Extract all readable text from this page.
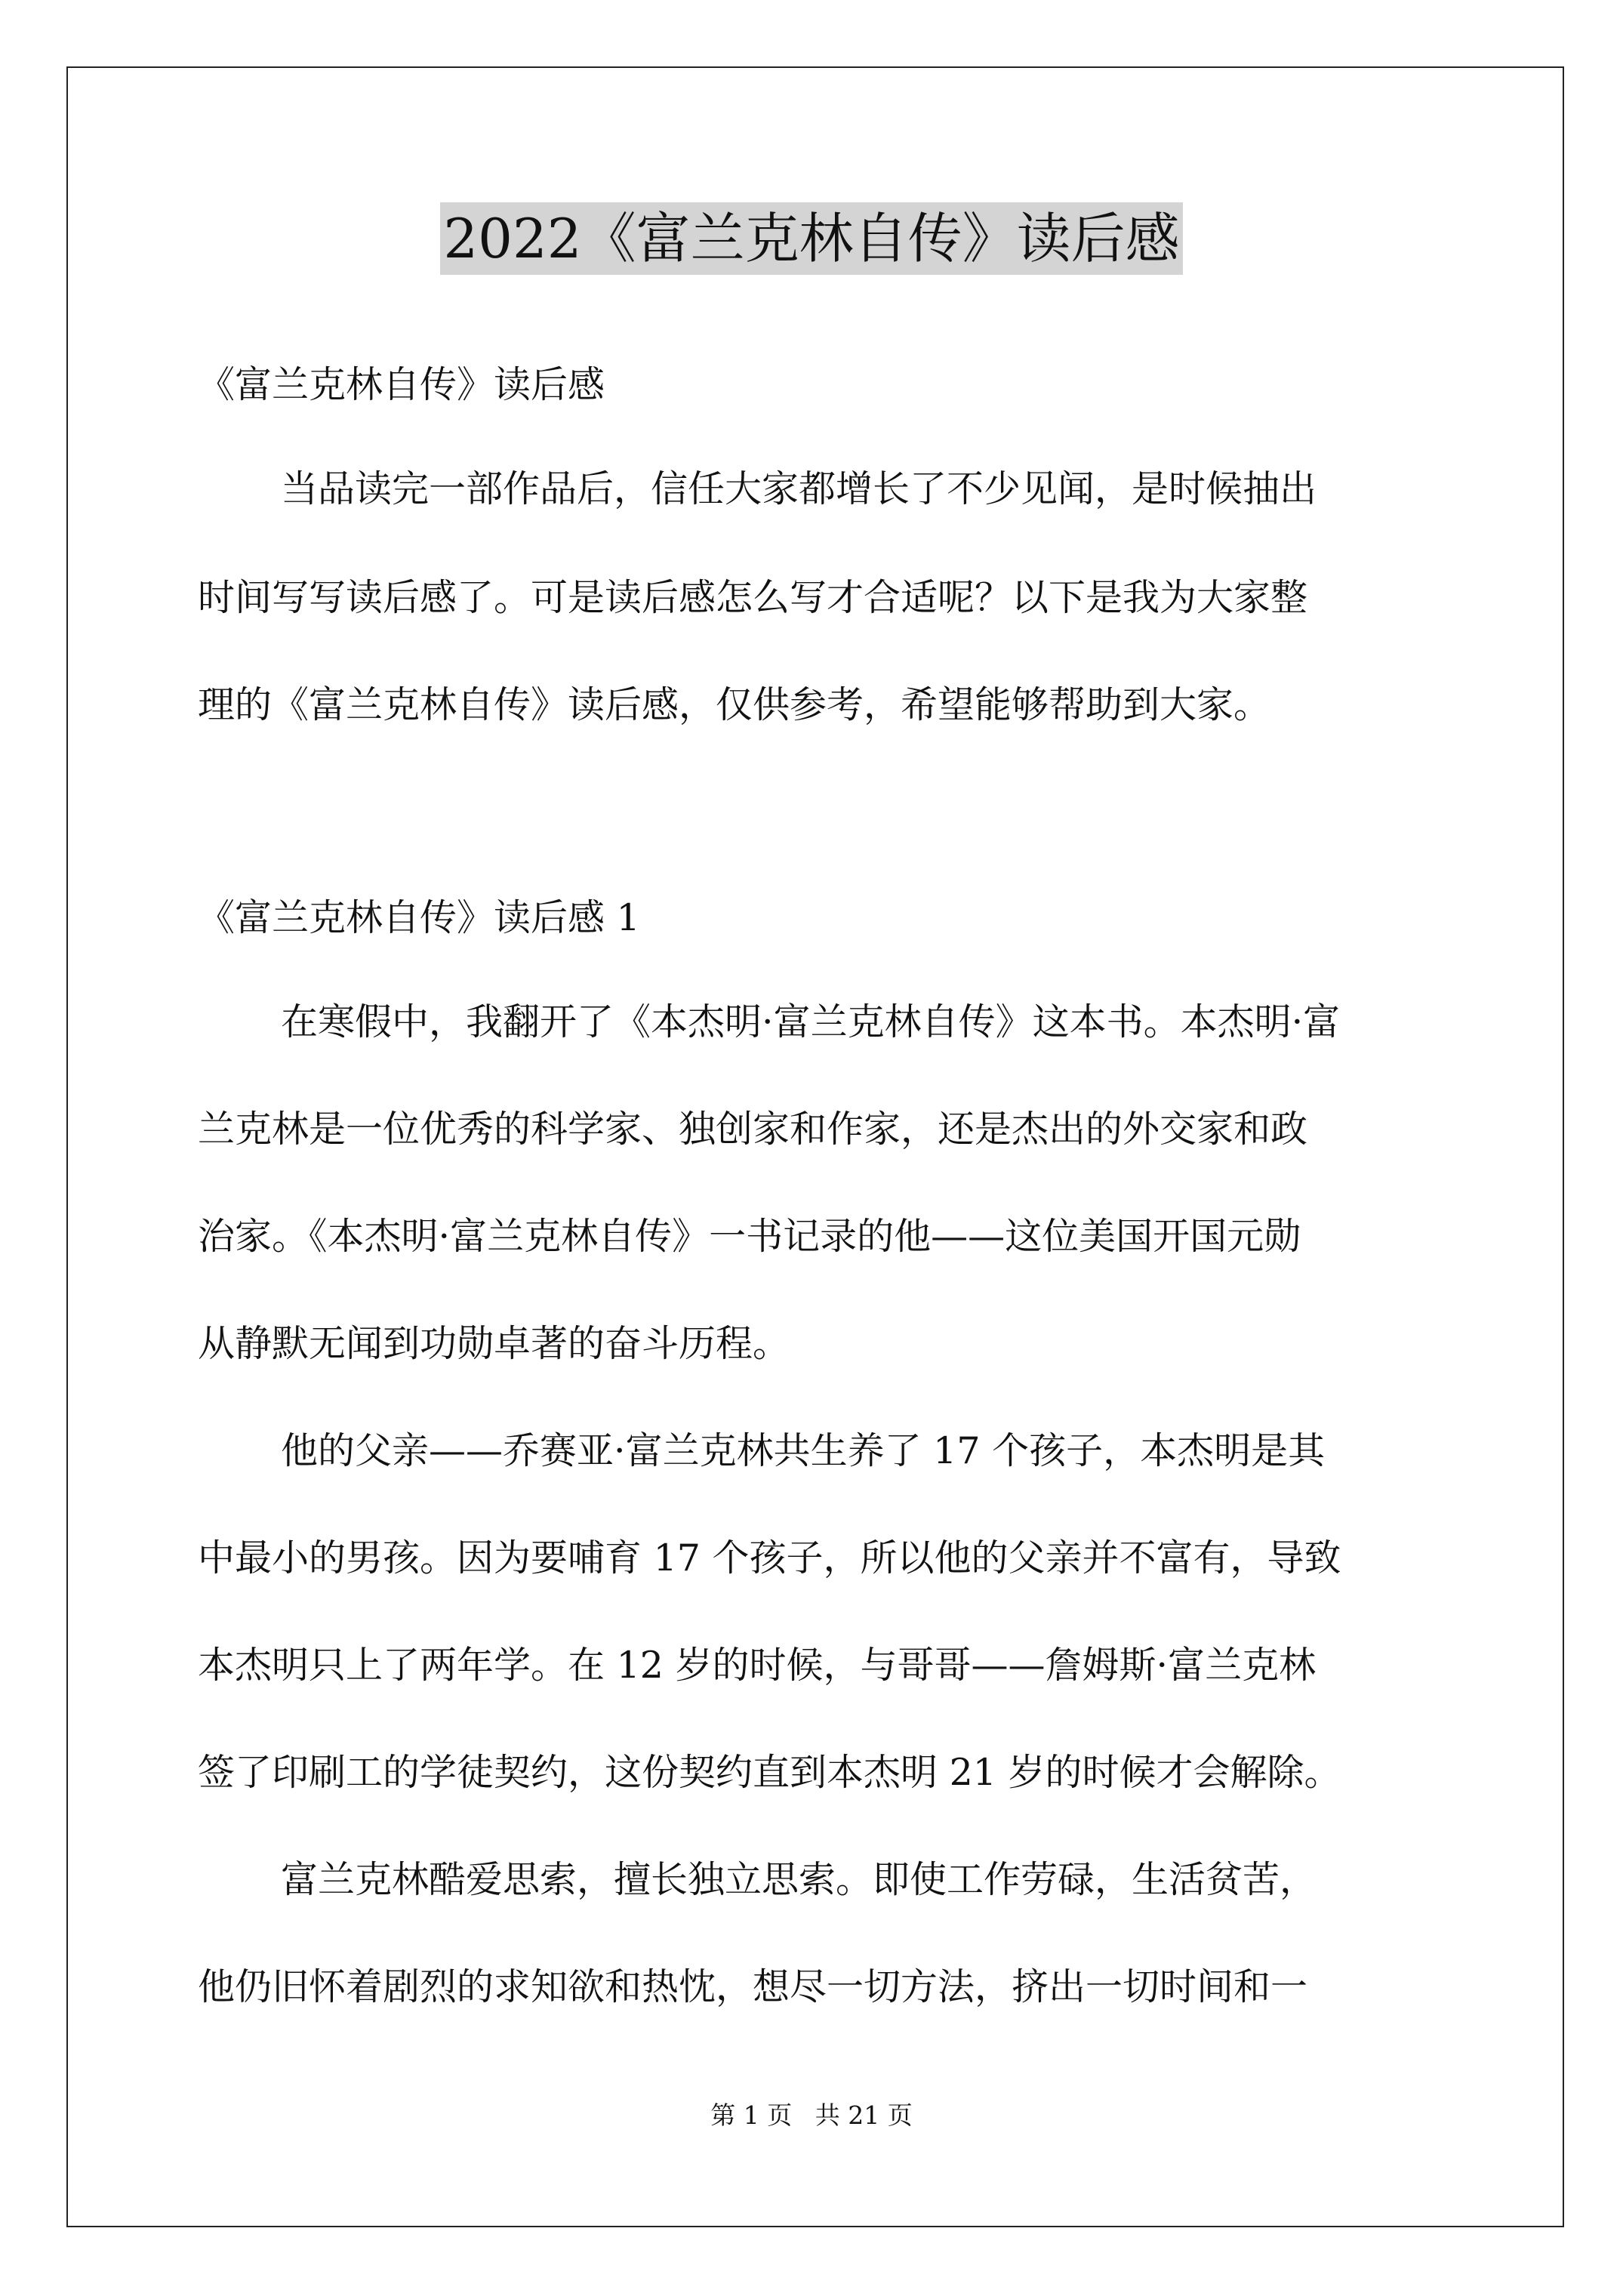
2022《富兰克林自传》读后感
《富兰克林自传》读后感
当品读完一部作品后，信任大家都增长了不少见闻，是时候抽出
时间写写读后感了。可是读后感怎么写才合适呢？以下是我为大家整
理的《富兰克林自传》读后感，仅供参考，希望能够帮助到大家。
《富兰克林自传》读后感 1
在寒假中，我翻开了《本杰明·富兰克林自传》这本书。本杰明·富
兰克林是一位优秀的科学家、独创家和作家，还是杰出的外交家和政
治家。《本杰明·富兰克林自传》一书记录的他——这位美国开国元勋
从静默无闻到功勋卓著的奋斗历程。
他的父亲——乔赛亚·富兰克林共生养了 17 个孩子，本杰明是其
中最小的男孩。因为要哺育 17 个孩子，所以他的父亲并不富有，导致
本杰明只上了两年学。在 12 岁的时候，与哥哥——詹姆斯·富兰克林
签了印刷工的学徒契约，这份契约直到本杰明 21 岁的时候才会解除。
富兰克林酷爱思索，擅长独立思索。即使工作劳碌，生活贫苦，
他仍旧怀着剧烈的求知欲和热忱，想尽一切方法，挤出一切时间和一
第 1 页 共 21 页
